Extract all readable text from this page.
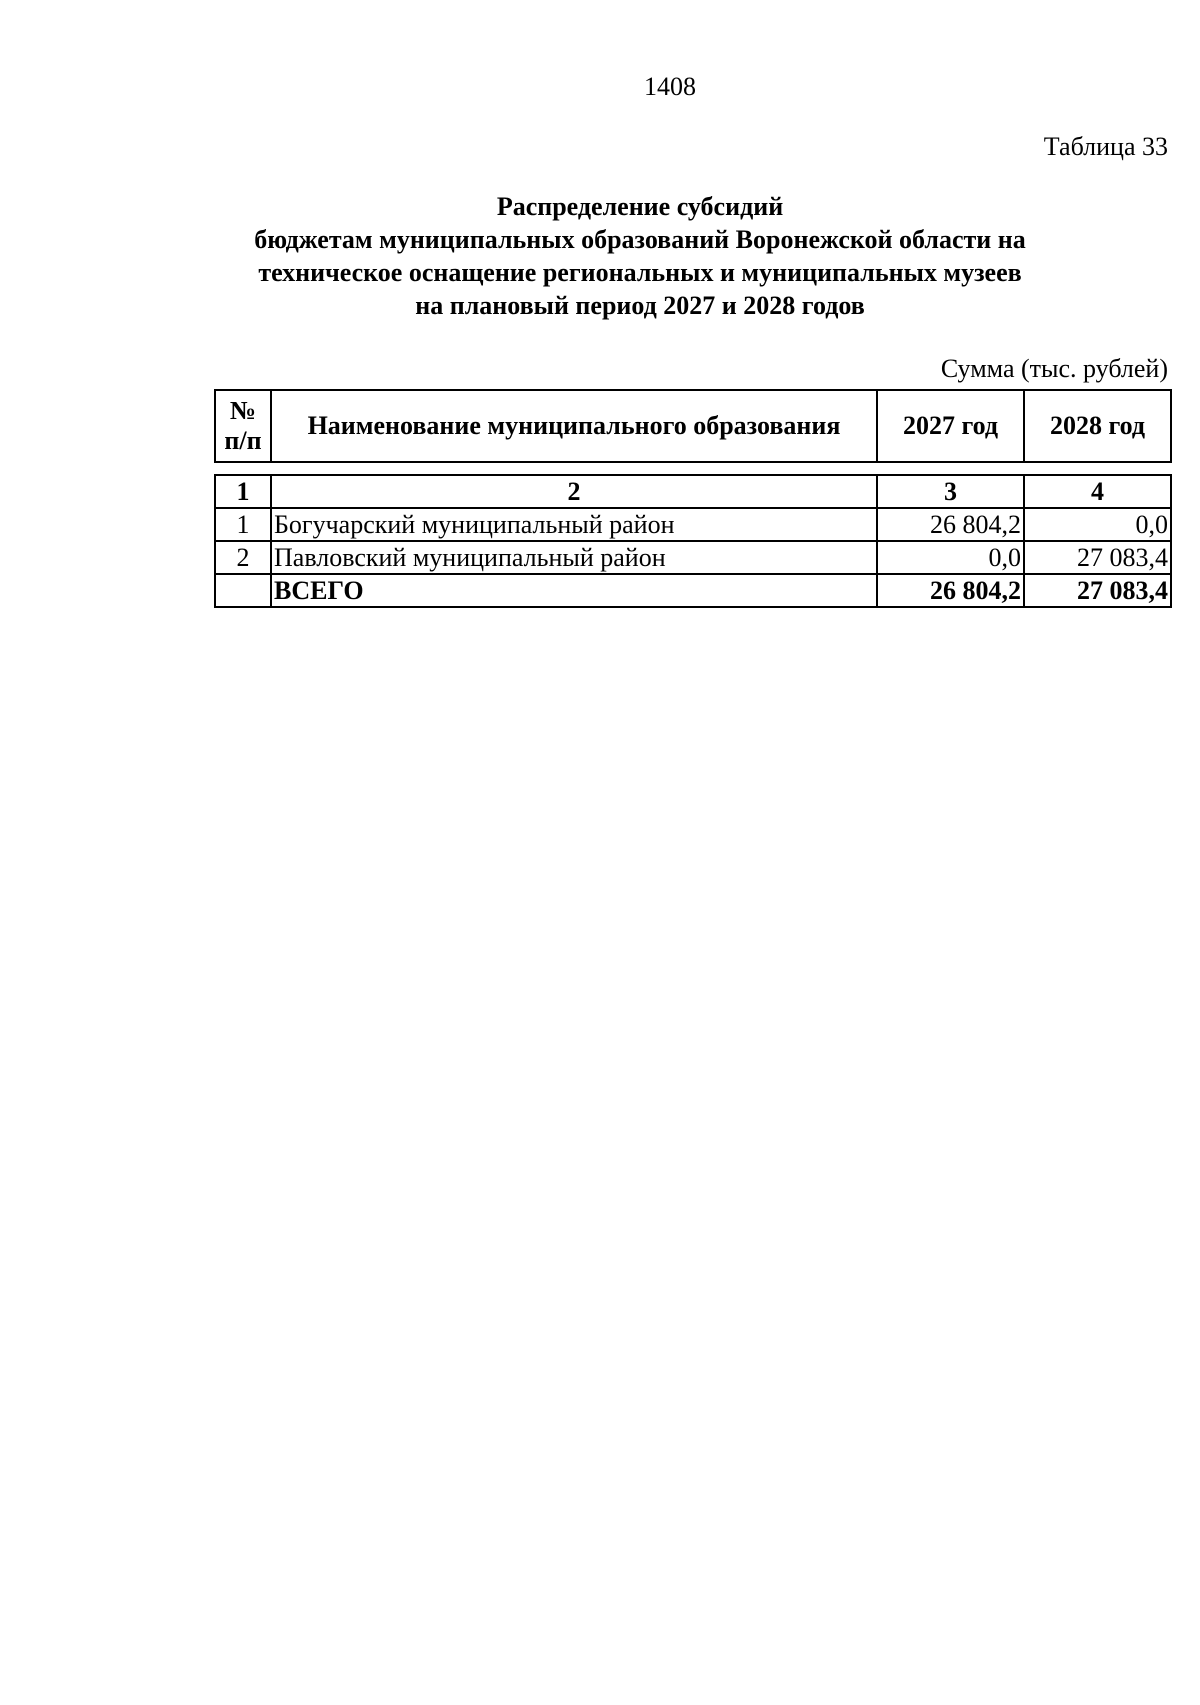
1408
Таблица 33
Распределение субсидий
бюджетам муниципальных образований Воронежской области на
техническое оснащение региональных и муниципальных музеев
на плановый период 2027 и 2028 годов
Сумма (тыс. рублей)
№ п/п	Наименование муниципального образования	2027 год	2028 год
1	2	3	4
1	Богучарский муниципальный район	26 804,2	0,0
2	Павловский муниципальный район	0,0	27 083,4
	ВСЕГО	26 804,2	27 083,4
